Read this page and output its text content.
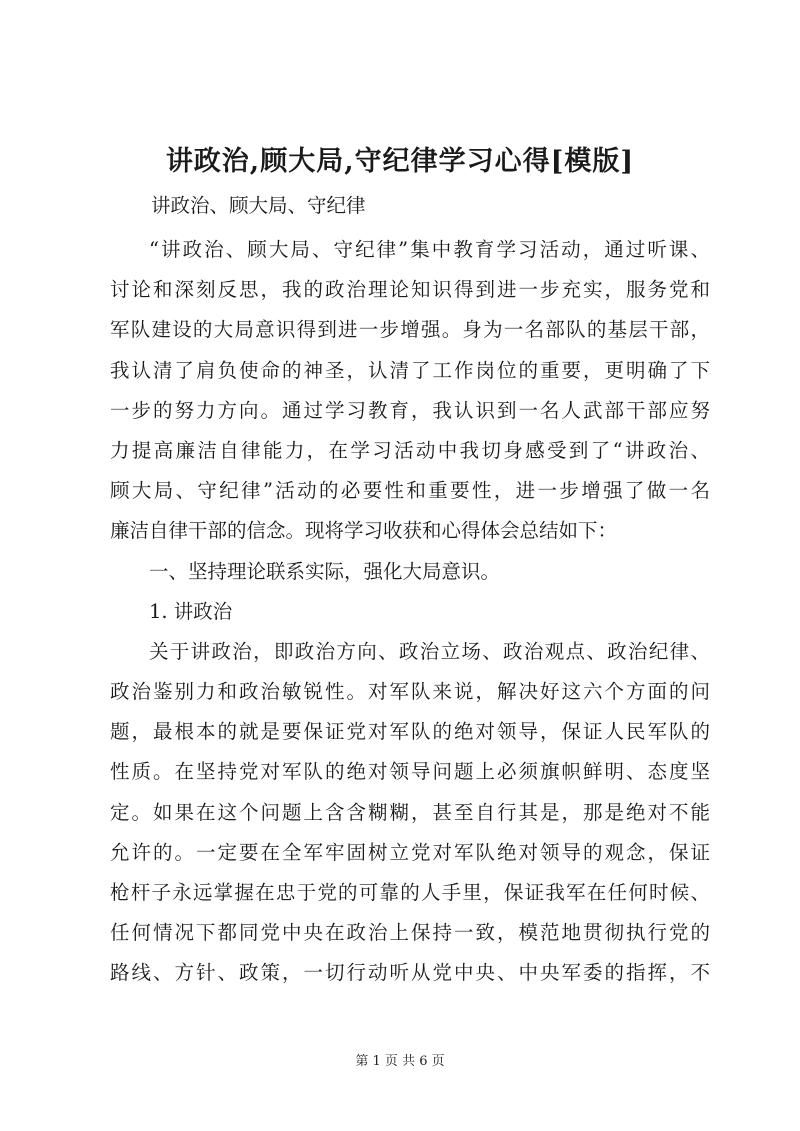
讲政治,顾大局,守纪律学习心得[模版]
讲政治、顾大局、守纪律
“讲政治、顾大局、守纪律”集中教育学习活动，通过听课、
讨论和深刻反思，我的政治理论知识得到进一步充实，服务党和
军队建设的大局意识得到进一步增强。身为一名部队的基层干部，
我认清了肩负使命的神圣，认清了工作岗位的重要，更明确了下
一步的努力方向。通过学习教育，我认识到一名人武部干部应努
力提高廉洁自律能力，在学习活动中我切身感受到了“讲政治、
顾大局、守纪律”活动的必要性和重要性，进一步增强了做一名
廉洁自律干部的信念。现将学习收获和心得体会总结如下：
一、坚持理论联系实际，强化大局意识。
1. 讲政治
关于讲政治，即政治方向、政治立场、政治观点、政治纪律、
政治鉴别力和政治敏锐性。对军队来说，解决好这六个方面的问
题，最根本的就是要保证党对军队的绝对领导，保证人民军队的
性质。在坚持党对军队的绝对领导问题上必须旗帜鲜明、态度坚
定。如果在这个问题上含含糊糊，甚至自行其是，那是绝对不能
允许的。一定要在全军牢固树立党对军队绝对领导的观念，保证
枪杆子永远掌握在忠于党的可靠的人手里，保证我军在任何时候、
任何情况下都同党中央在政治上保持一致，模范地贯彻执行党的
路线、方针、政策，一切行动听从党中央、中央军委的指挥，不
第 1 页 共 6 页
